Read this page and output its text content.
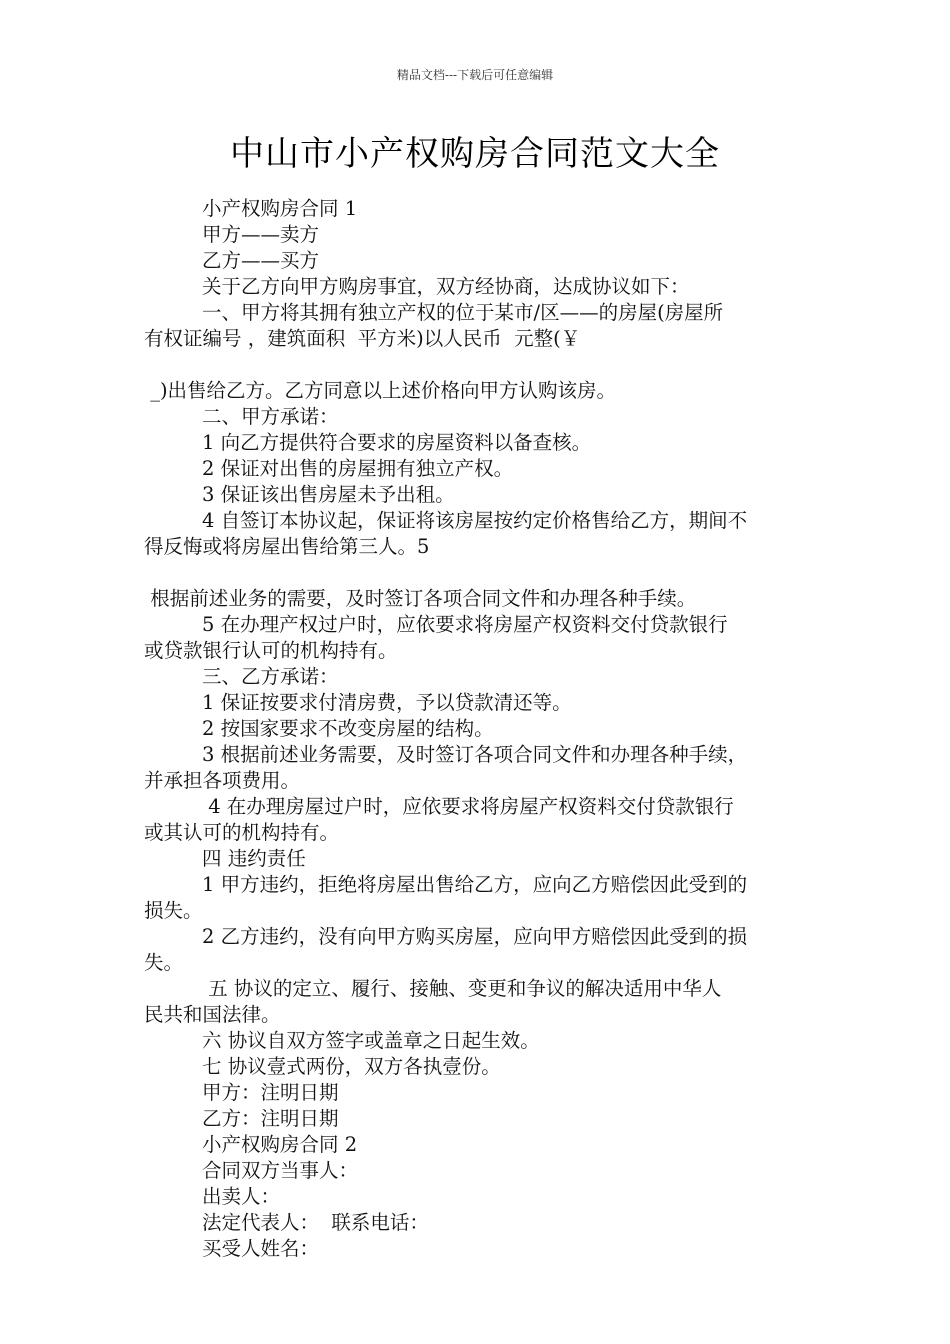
精品文档---下载后可任意编辑
中山市小产权购房合同范文大全

小产权购房合同 1

甲方——卖方

乙方——买方

关于乙方向甲方购房事宜，双方经协商，达成协议如下：

一、甲方将其拥有独立产权的位于某市/区——的房屋(房屋所

有权证编号 ，建筑面积  平方米)以人民币  元整(￥

_)出售给乙方。乙方同意以上述价格向甲方认购该房。

二、甲方承诺：

1 向乙方提供符合要求的房屋资料以备查核。

2 保证对出售的房屋拥有独立产权。

3 保证该出售房屋未予出租。

4 自签订本协议起，保证将该房屋按约定价格售给乙方，期间不

得反悔或将房屋出售给第三人。5

根据前述业务的需要，及时签订各项合同文件和办理各种手续。

5 在办理产权过户时，应依要求将房屋产权资料交付贷款银行

或贷款银行认可的机构持有。

三、乙方承诺：

1 保证按要求付清房费，予以贷款清还等。

2 按国家要求不改变房屋的结构。

3 根据前述业务需要，及时签订各项合同文件和办理各种手续，

并承担各项费用。

4 在办理房屋过户时，应依要求将房屋产权资料交付贷款银行

或其认可的机构持有。

四 违约责任

1 甲方违约，拒绝将房屋出售给乙方，应向乙方赔偿因此受到的

损失。

2 乙方违约，没有向甲方购买房屋，应向甲方赔偿因此受到的损

失。

五 协议的定立、履行、接触、变更和争议的解决适用中华人

民共和国法律。

六 协议自双方签字或盖章之日起生效。

七 协议壹式两份，双方各执壹份。

甲方：注明日期

乙方：注明日期

小产权购房合同 2

合同双方当事人：

出卖人：

法定代表人：  联系电话：

买受人姓名：
